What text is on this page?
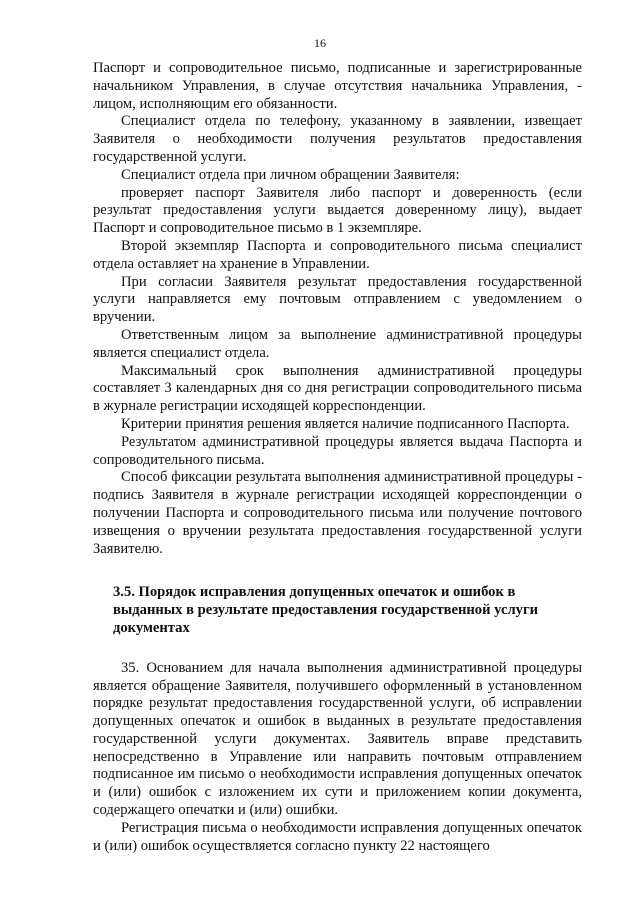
16

Паспорт и сопроводительное письмо, подписанные и зарегистрированные начальником Управления, в случае отсутствия начальника Управления, - лицом, исполняющим его обязанности.

Специалист отдела по телефону, указанному в заявлении, извещает Заявителя о необходимости получения результатов предоставления государственной услуги.

Специалист отдела при личном обращении Заявителя:

проверяет паспорт Заявителя либо паспорт и доверенность (если результат предоставления услуги выдается доверенному лицу), выдает Паспорт и сопроводительное письмо в 1 экземпляре.

Второй экземпляр Паспорта и сопроводительного письма специалист отдела оставляет на хранение в Управлении.

При согласии Заявителя результат предоставления государственной услуги направляется ему почтовым отправлением с уведомлением о вручении.

Ответственным лицом за выполнение административной процедуры является специалист отдела.

Максимальный срок выполнения административной процедуры составляет 3 календарных дня со дня регистрации сопроводительного письма в журнале регистрации исходящей корреспонденции.

Критерии принятия решения является наличие подписанного Паспорта.

Результатом административной процедуры является выдача Паспорта и сопроводительного письма.

Способ фиксации результата выполнения административной процедуры - подпись Заявителя в журнале регистрации исходящей корреспонденции о получении Паспорта и сопроводительного письма или получение почтового извещения о вручении результата предоставления государственной услуги Заявителю.

3.5. Порядок исправления допущенных опечаток и ошибок в
выданных в результате предоставления государственной услуги
документах

35. Основанием для начала выполнения административной процедуры является обращение Заявителя, получившего оформленный в установленном порядке результат предоставления государственной услуги, об исправлении допущенных опечаток и ошибок в выданных в результате предоставления государственной услуги документах. Заявитель вправе представить непосредственно в Управление или направить почтовым отправлением подписанное им письмо о необходимости исправления допущенных опечаток и (или) ошибок с изложением их сути и приложением копии документа, содержащего опечатки и (или) ошибки.

Регистрация письма о необходимости исправления допущенных опечаток и (или) ошибок осуществляется согласно пункту 22 настоящего
